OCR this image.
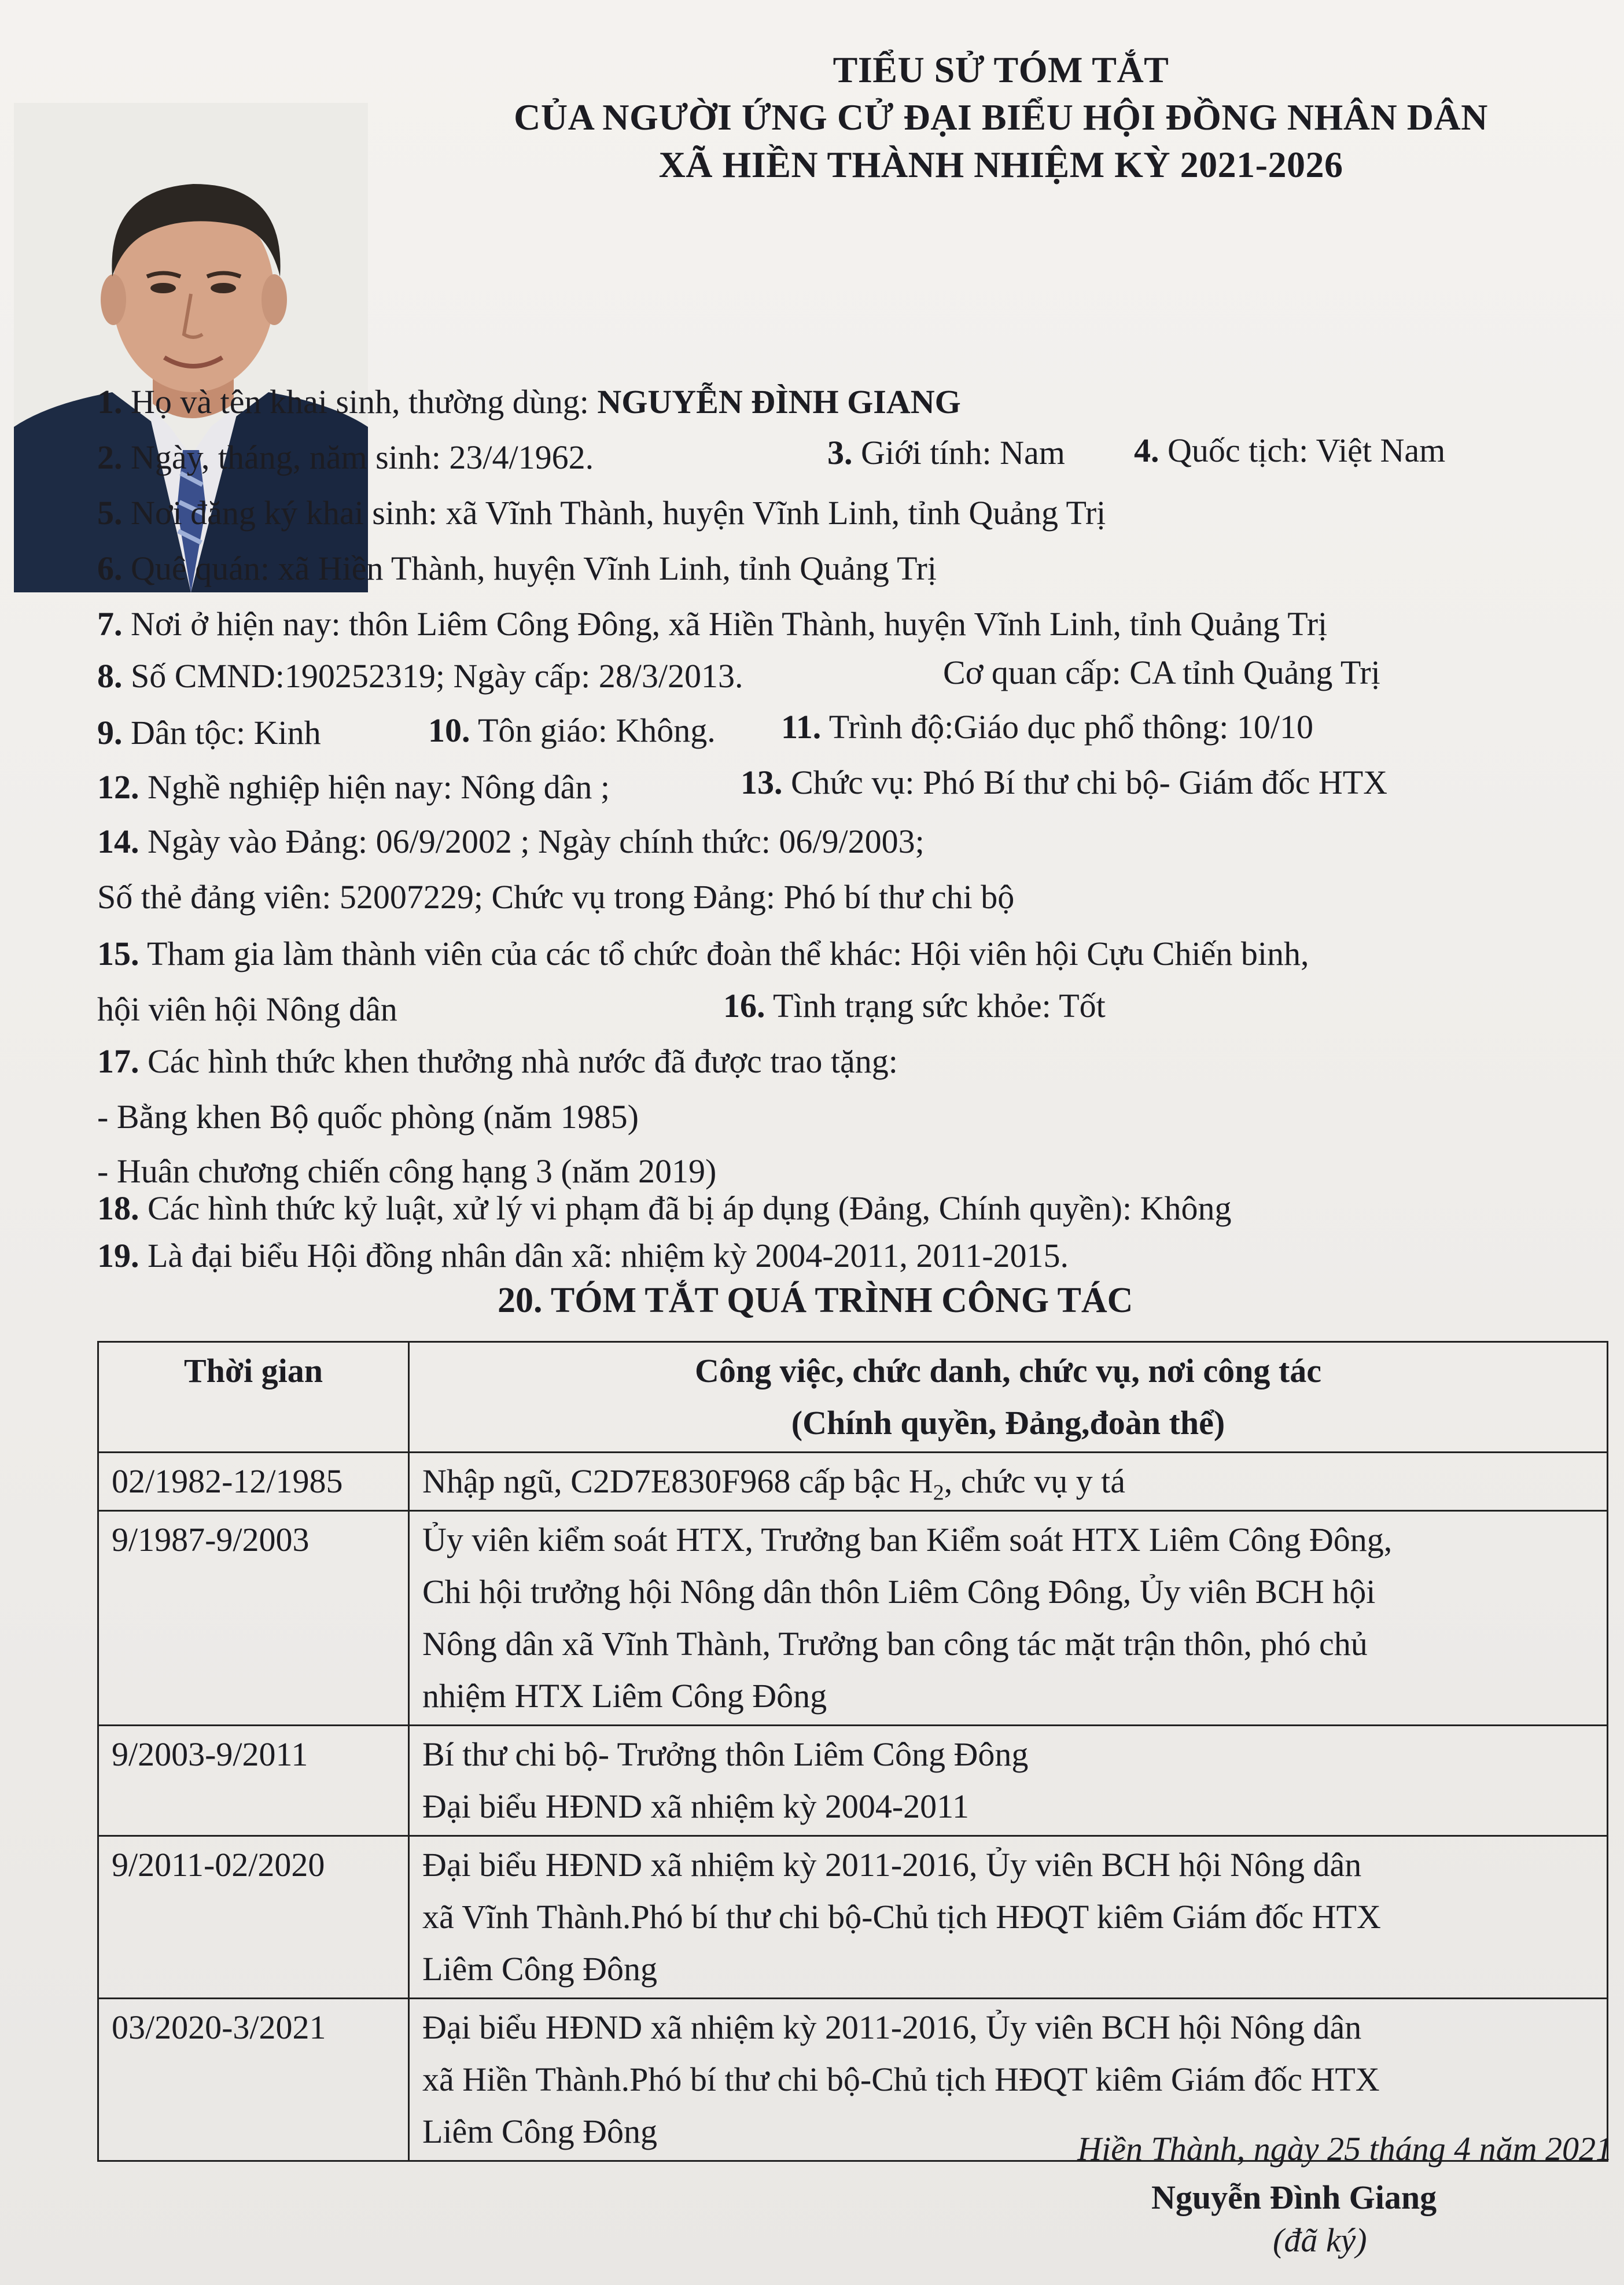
TIỂU SỬ TÓM TẮT
CỦA NGƯỜI ỨNG CỬ ĐẠI BIỂU HỘI ĐỒNG NHÂN DÂN
XÃ HIỀN THÀNH NHIỆM KỲ 2021-2026
1. Họ và tên khai sinh, thường dùng: NGUYỄN ĐÌNH GIANG
2. Ngày, tháng, năm sinh: 23/4/1962.	3. Giới tính: Nam 4. Quốc tịch: Việt Nam
5. Nơi đăng ký khai sinh: xã Vĩnh Thành, huyện Vĩnh Linh, tỉnh Quảng Trị
6. Quê quán: xã Hiền Thành, huyện Vĩnh Linh, tỉnh Quảng Trị
7. Nơi ở hiện nay: thôn Liêm Công Đông, xã Hiền Thành, huyện Vĩnh Linh, tỉnh Quảng Trị
8. Số CMND:190252319; Ngày cấp: 28/3/2013.	Cơ quan cấp: CA tỉnh Quảng Trị
9. Dân tộc: Kinh	10. Tôn giáo: Không. 11. Trình độ:Giáo dục phổ thông: 10/10
12. Nghề nghiệp hiện nay: Nông dân ;	13. Chức vụ: Phó Bí thư chi bộ- Giám đốc HTX
14. Ngày vào Đảng: 06/9/2002 ; Ngày chính thức: 06/9/2003;
Số thẻ đảng viên: 52007229; Chức vụ trong Đảng: Phó bí thư chi bộ
15. Tham gia làm thành viên của các tổ chức đoàn thể khác: Hội viên hội Cựu Chiến binh,
hội viên hội Nông dân	16. Tình trạng sức khỏe: Tốt
17. Các hình thức khen thưởng nhà nước đã được trao tặng:
- Bằng khen Bộ quốc phòng (năm 1985)
- Huân chương chiến công hạng 3 (năm 2019)
18. Các hình thức kỷ luật, xử lý vi phạm đã bị áp dụng (Đảng, Chính quyền): Không
19. Là đại biểu Hội đồng nhân dân xã: nhiệm kỳ 2004-2011, 2011-2015.
20. TÓM TẮT QUÁ TRÌNH CÔNG TÁC
Thời gian	Công việc, chức danh, chức vụ, nơi công tác
(Chính quyền, Đảng,đoàn thể)

02/1982-12/1985	Nhập ngũ, C2D7E830F968 cấp bậc $H_2$, chức vụ y tá
9/1987-9/2003	Ủy viên kiểm soát HTX, Trưởng ban Kiểm soát HTX Liêm Công Đông,
Chi hội trưởng hội Nông dân thôn Liêm Công Đông, Ủy viên BCH hội
Nông dân xã Vĩnh Thành, Trưởng ban công tác mặt trận thôn, phó chủ
nhiệm HTX Liêm Công Đông

9/2003-9/2011	Bí thư chi bộ- Trưởng thôn Liêm Công Đông
Đại biểu HĐND xã nhiệm kỳ 2004-2011

9/2011-02/2020	Đại biểu HĐND xã nhiệm kỳ 2011-2016, Ủy viên BCH hội Nông dân
xã Vĩnh Thành.Phó bí thư chi bộ-Chủ tịch HĐQT kiêm Giám đốc HTX
Liêm Công Đông

03/2020-3/2021	Đại biểu HĐND xã nhiệm kỳ 2011-2016, Ủy viên BCH hội Nông dân
xã Hiền Thành.Phó bí thư chi bộ-Chủ tịch HĐQT kiêm Giám đốc HTX
Liêm Công Đông	Hiền Thành, ngày 25 tháng 4 năm 2021
Nguyễn Đình Giang
(đã ký)
